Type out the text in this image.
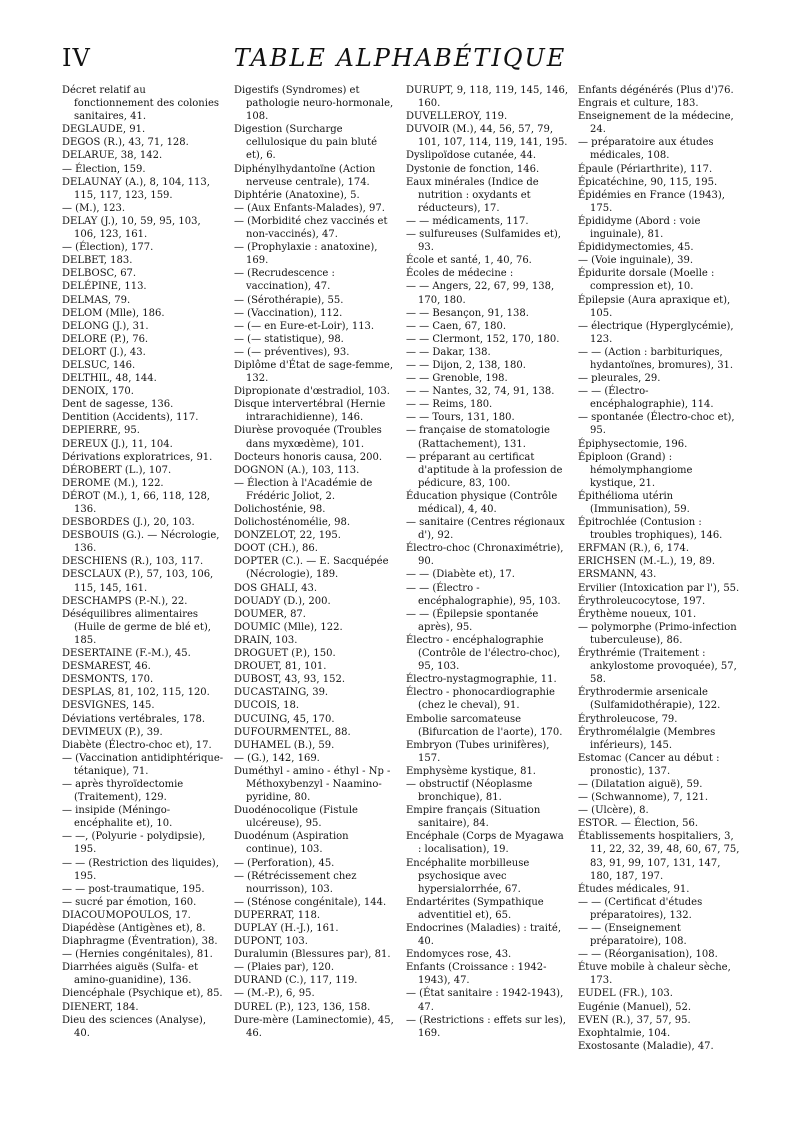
IV	TABLE ALPHABÉTIQUE

Décret relatif au fonctionnement des colonies sanitaires, 41.

DEGLAUDE, 91.

DEGOS (R.), 43, 71, 128.

DELARUE, 38, 142.

— Élection, 159.

DELAUNAY (A.), 8, 104, 113, 115, 117, 123, 159.

— (M.), 123.

DELAY (J.), 10, 59, 95, 103, 106, 123, 161.

— (Élection), 177.

DELBET, 183.

DELBOSC, 67.

DELÉPINE, 113.

DELMAS, 79.

DELOM (Mlle), 186.

DELONG (J.), 31.

DELORE (P.), 76.

DELORT (J.), 43.

DELSUC, 146.

DELTHIL, 48, 144.

DENOIX, 170.

Dent de sagesse, 136.

Dentition (Accidents), 117.

DEPIERRE, 95.

DEREUX (J.), 11, 104.

Dérivations exploratrices, 91.

DÉROBERT (L.), 107.

DEROME (M.), 122.

DÉROT (M.), 1, 66, 118, 128, 136.

DESBORDES (J.), 20, 103.

DESBOUIS (G.). — Nécrologie, 136.

DESCHIENS (R.), 103, 117.

DESCLAUX (P.), 57, 103, 106, 115, 145, 161.

DESCHAMPS (P.-N.), 22.

Déséquilibres alimentaires (Huile de germe de blé et), 185.

DESERTAINE (F.-M.), 45.

DESMAREST, 46.

DESMONTS, 170.

DESPLAS, 81, 102, 115, 120.

DESVIGNES, 145.

Déviations vertébrales, 178.

DEVIMEUX (P.), 39.

Diabète (Électro-choc et), 17.

— (Vaccination antidiphtérique-tétanique), 71.

— après thyroïdectomie (Traitement), 129.

— insipide (Méningo-encéphalite et), 10.

— —, (Polyurie - polydipsie), 195.

— — (Restriction des liquides), 195.

— — post-traumatique, 195.

— sucré par émotion, 160.

DIACOUMOPOULOS, 17.

Diapédèse (Antigènes et), 8.

Diaphragme (Éventration), 38.

— (Hernies congénitales), 81.

Diarrhées aiguës (Sulfa- et amino-guanidine), 136.

Diencéphale (Psychique et), 85.

DIENERT, 184.

Dieu des sciences (Analyse), 40.

Digestifs (Syndromes) et pathologie neuro-hormonale, 108.

Digestion (Surcharge cellulosique du pain bluté et), 6.

Diphénylhydantoïne (Action nerveuse centrale), 174.

Diphtérie (Anatoxine), 5.

— (Aux Enfants-Malades), 97.

— (Morbidité chez vaccinés et non-vaccinés), 47.

— (Prophylaxie : anatoxine), 169.

— (Recrudescence : vaccination), 47.

— (Sérothérapie), 55.

— (Vaccination), 112.

— (— en Eure-et-Loir), 113.

— (— statistique), 98.

— (— préventives), 93.

Diplôme d'État de sage-femme, 132.

Dipropionate d'œstradiol, 103.

Disque intervertébral (Hernie intrarachidienne), 146.

Diurèse provoquée (Troubles dans myxœdème), 101.

Docteurs honoris causa, 200.

DOGNON (A.), 103, 113.

— Élection à l'Académie de Frédéric Joliot, 2.

Dolichosténie, 98.

Dolichosténomélie, 98.

DONZELOT, 22, 195.

DOOT (CH.), 86.

DOPTER (C.). — E. Sacquépée (Nécrologie), 189.

DOS GHALI, 43.

DOUADY (D.), 200.

DOUMER, 87.

DOUMIC (Mlle), 122.

DRAIN, 103.

DROGUET (P.), 150.

DROUET, 81, 101.

DUBOST, 43, 93, 152.

DUCASTAING, 39.

DUCOIS, 18.

DUCUING, 45, 170.

DUFOURMENTEL, 88.

DUHAMEL (B.), 59.

— (G.), 142, 169.

Duméthyl - amino - éthyl - Np - Méthoxybenzyl - Naamino-pyridine, 80.

Duodénocolique (Fistule ulcéreuse), 95.

Duodénum (Aspiration continue), 103.

— (Perforation), 45.

— (Rétrécissement chez nourrisson), 103.

— (Sténose congénitale), 144.

DUPERRAT, 118.

DUPLAY (H.-J.), 161.

DUPONT, 103.

Duralumin (Blessures par), 81.

— (Plaies par), 120.

DURAND (C.), 117, 119.

— (M.-P.), 6, 95.

DUREL (P.), 123, 136, 158.

Dure-mère (Laminectomie), 45, 46.

DURUPT, 9, 118, 119, 145, 146, 160.

DUVELLEROY, 119.

DUVOIR (M.), 44, 56, 57, 79, 101, 107, 114, 119, 141, 195.

Dyslipoïdose cutanée, 44.

Dystonie de fonction, 146.

Eaux minérales (Indice de nutrition : oxydants et réducteurs), 17.

— — médicaments, 117.

— sulfureuses (Sulfamides et), 93.

École et santé, 1, 40, 76.

Écoles de médecine :

— — Angers, 22, 67, 99, 138, 170, 180.

— — Besançon, 91, 138.

— — Caen, 67, 180.

— — Clermont, 152, 170, 180.

— — Dakar, 138.

— — Dijon, 2, 138, 180.

— — Grenoble, 198.

— — Nantes, 32, 74, 91, 138.

— — Reims, 180.

— — Tours, 131, 180.

— française de stomatologie (Rattachement), 131.

— préparant au certificat d'aptitude à la profession de pédicure, 83, 100.

Éducation physique (Contrôle médical), 4, 40.

— sanitaire (Centres régionaux d'), 92.

Électro-choc (Chronaximétrie), 90.

— — (Diabète et), 17.

— — (Électro - encéphalographie), 95, 103.

— — (Épilepsie spontanée après), 95.

Électro - encéphalographie (Contrôle de l'électro-choc), 95, 103.

Électro-nystagmographie, 11.

Électro - phonocardiographie (chez le cheval), 91.

Embolie sarcomateuse (Bifurcation de l'aorte), 170.

Embryon (Tubes urinifères), 157.

Emphysème kystique, 81.

— obstructif (Néoplasme bronchique), 81.

Empire français (Situation sanitaire), 84.

Encéphale (Corps de Myagawa : localisation), 19.

Encéphalite morbilleuse psychosique avec hypersialorrhée, 67.

Endartérites (Sympathique adventitiel et), 65.

Endocrines (Maladies) : traité, 40.

Endomyces rose, 43.

Enfants (Croissance : 1942-1943), 47.

— (État sanitaire : 1942-1943), 47.

— (Restrictions : effets sur les), 169.

Enfants dégénérés (Plus d')76.

Engrais et culture, 183.

Enseignement de la médecine, 24.

— préparatoire aux études médicales, 108.

Épaule (Périarthrite), 117.

Épicatéchine, 90, 115, 195.

Épidémies en France (1943), 175.

Épididyme (Abord : voie inguinale), 81.

Épididymectomies, 45.

— (Voie inguinale), 39.

Épidurite dorsale (Moelle : compression et), 10.

Épilepsie (Aura apraxique et), 105.

— électrique (Hyperglycémie), 123.

— — (Action : barbituriques, hydantoïnes, bromures), 31.

— pleurales, 29.

— — (Électro-encéphalographie), 114.

— spontanée (Électro-choc et), 95.

Épiphysectomie, 196.

Épiploon (Grand) : hémolymphangiome kystique, 21.

Épithélioma utérin (Immunisation), 59.

Épitrochlée (Contusion : troubles trophiques), 146.

ERFMAN (R.), 6, 174.

ERICHSEN (M.-L.), 19, 89.

ERSMANN, 43.

Ervilier (Intoxication par l'), 55.

Érythroleucocytose, 197.

Érythème noueux, 101.

— polymorphe (Primo-infection tuberculeuse), 86.

Érythrémie (Traitement : ankylostome provoquée), 57, 58.

Érythrodermie arsenicale (Sulfamidothérapie), 122.

Érythroleucose, 79.

Érythromélalgie (Membres inférieurs), 145.

Estomac (Cancer au début : pronostic), 137.

— (Dilatation aiguë), 59.

— (Schwannome), 7, 121.

— (Ulcère), 8.

ESTOR. — Élection, 56.

Établissements hospitaliers, 3, 11, 22, 32, 39, 48, 60, 67, 75, 83, 91, 99, 107, 131, 147, 180, 187, 197.

Études médicales, 91.

— — (Certificat d'études préparatoires), 132.

— — (Enseignement préparatoire), 108.

— — (Réorganisation), 108.

Étuve mobile à chaleur sèche, 173.

EUDEL (FR.), 103.

Eugénie (Manuel), 52.

EVEN (R.), 37, 57, 95.

Exophtalmie, 104.

Exostosante (Maladie), 47.
